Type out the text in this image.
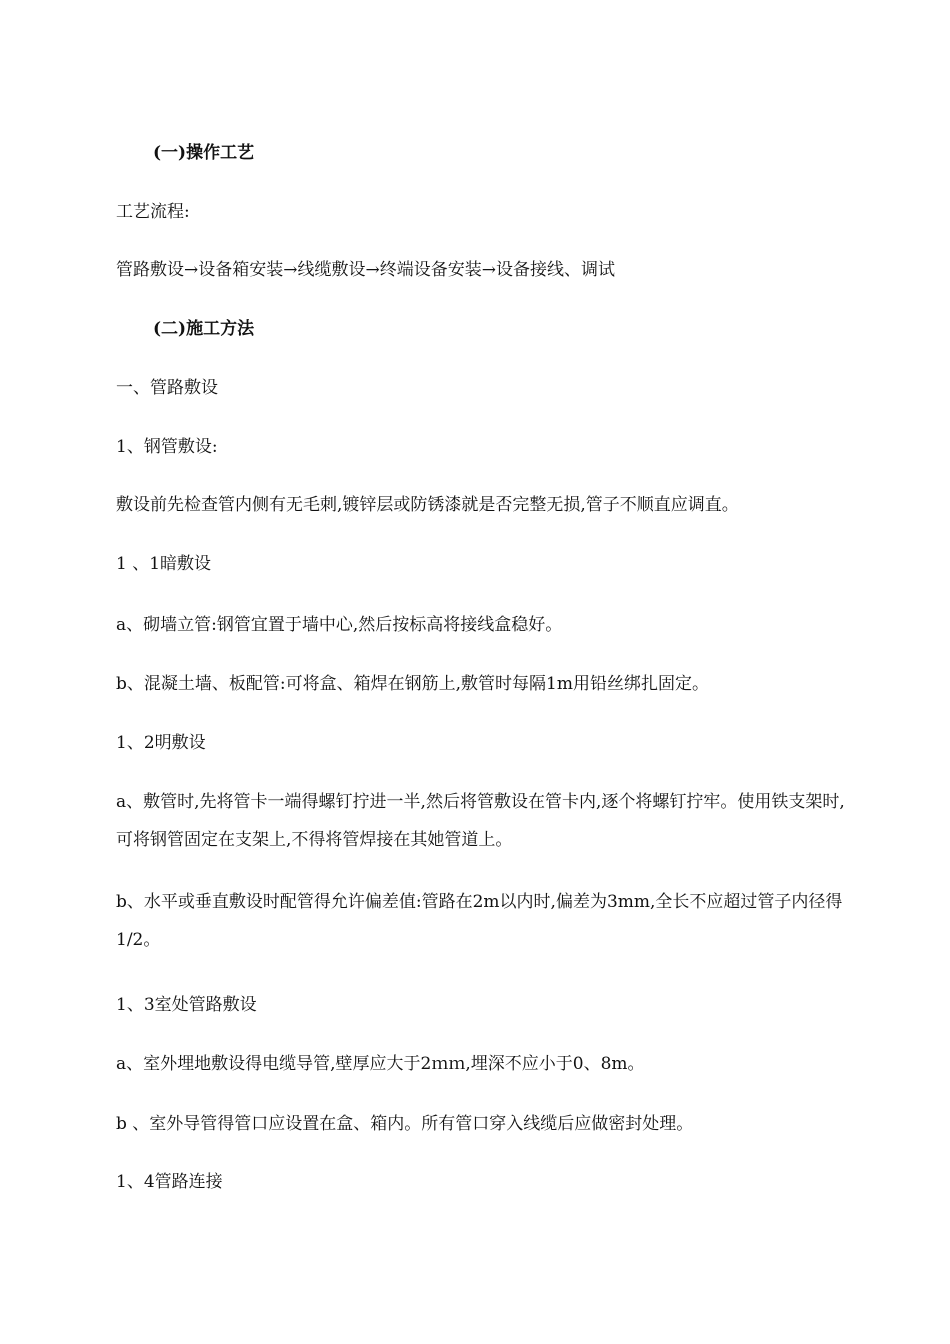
(一)操作工艺
工艺流程:
管路敷设→设备箱安装→线缆敷设→终端设备安装→设备接线、调试
(二)施工方法
一、管路敷设
1、钢管敷设:
敷设前先检查管内侧有无毛刺,镀锌层或防锈漆就是否完整无损,管子不顺直应调直。
1 、1暗敷设
a、砌墙立管:钢管宜置于墙中心,然后按标高将接线盒稳好。
b、混凝土墙、板配管:可将盒、箱焊在钢筋上,敷管时每隔1m用铅丝绑扎固定。
1、2明敷设
a、敷管时,先将管卡一端得螺钉拧进一半,然后将管敷设在管卡内,逐个将螺钉拧牢。使用铁支架时,可将钢管固定在支架上,不得将管焊接在其她管道上。
b、水平或垂直敷设时配管得允许偏差值:管路在2m以内时,偏差为3mm,全长不应超过管子内径得1/2。
1、3室处管路敷设
a、室外埋地敷设得电缆导管,壁厚应大于2ｍｍ,埋深不应小于0、8m。
b 、室外导管得管口应设置在盒、箱内。所有管口穿入线缆后应做密封处理。
1、4管路连接
